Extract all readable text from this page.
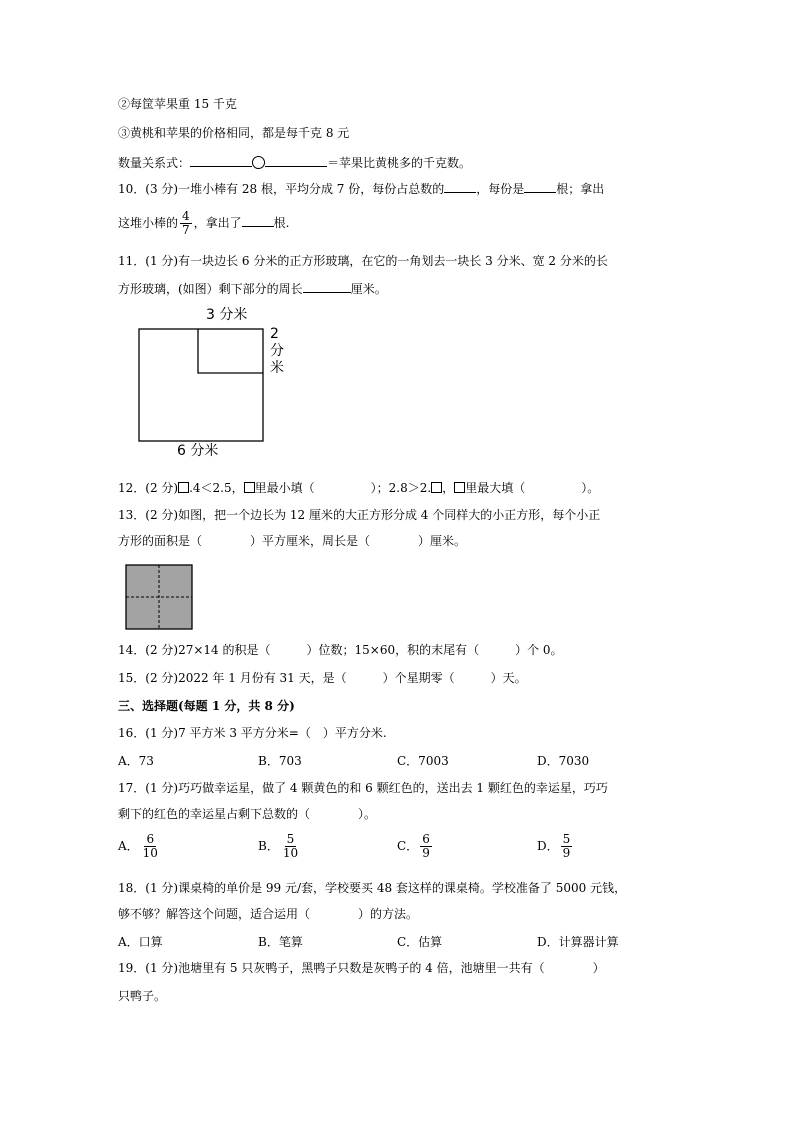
②每筐苹果重 15 千克
③黄桃和苹果的价格相同，都是每千克 8 元
数量关系式：	＝苹果比黄桃多的千克数。
10．(3 分)一堆小棒有 28 根，平均分成 7 份，每份占总数的	，每份是	根；拿出
这堆小棒的 $\frac{4}{7}$ ，拿出了	根.
11．(1 分)有一块边长 6 分米的正方形玻璃，在它的一角划去一块长 3 分米、宽 2 分米的长
方形玻璃，(如图）剩下部分的周长	厘米。
3 分米
2
分
米
6 分米
12．(2 分) .4＜2.5， 里最小填（	）；2.8＞2. ， 里最大填（	）。
13．(2 分)如图，把一个边长为 12 厘米的大正方形分成 4 个同样大的小正方形，每个小正
方形的面积是（　　　　）平方厘米，周长是（　　　　）厘米。
14．(2 分)27×14 的积是（　　　）位数；15×60，积的末尾有（　　　）个 0。
15．(2 分)2022 年 1 月份有 31 天，是（　　　）个星期零（　　　）天。
三、选择题(每题 1 分，共 8 分)
16．(1 分)7 平方米 3 平方分米=（　）平方分米.
A．73	B．703	C．7003	D．7030
17．(1 分)巧巧做幸运星，做了 4 颗黄色的和 6 颗红色的，送出去 1 颗红色的幸运星，巧巧
剩下的红色的幸运星占剩下总数的（　　　　）。
A． $\frac{6}{10}$	B． $\frac{5}{10}$	C． $\frac{6}{9}$	D． $\frac{5}{9}$
18．(1 分)课桌椅的单价是 99 元/套，学校要买 48 套这样的课桌椅。学校准备了 5000 元钱，
够不够？解答这个问题，适合运用（　　　　）的方法。
A．口算	B．笔算	C．估算	D．计算器计算
19．(1 分)池塘里有 5 只灰鸭子，黑鸭子只数是灰鸭子的 4 倍，池塘里一共有（　　　　）
只鸭子。
